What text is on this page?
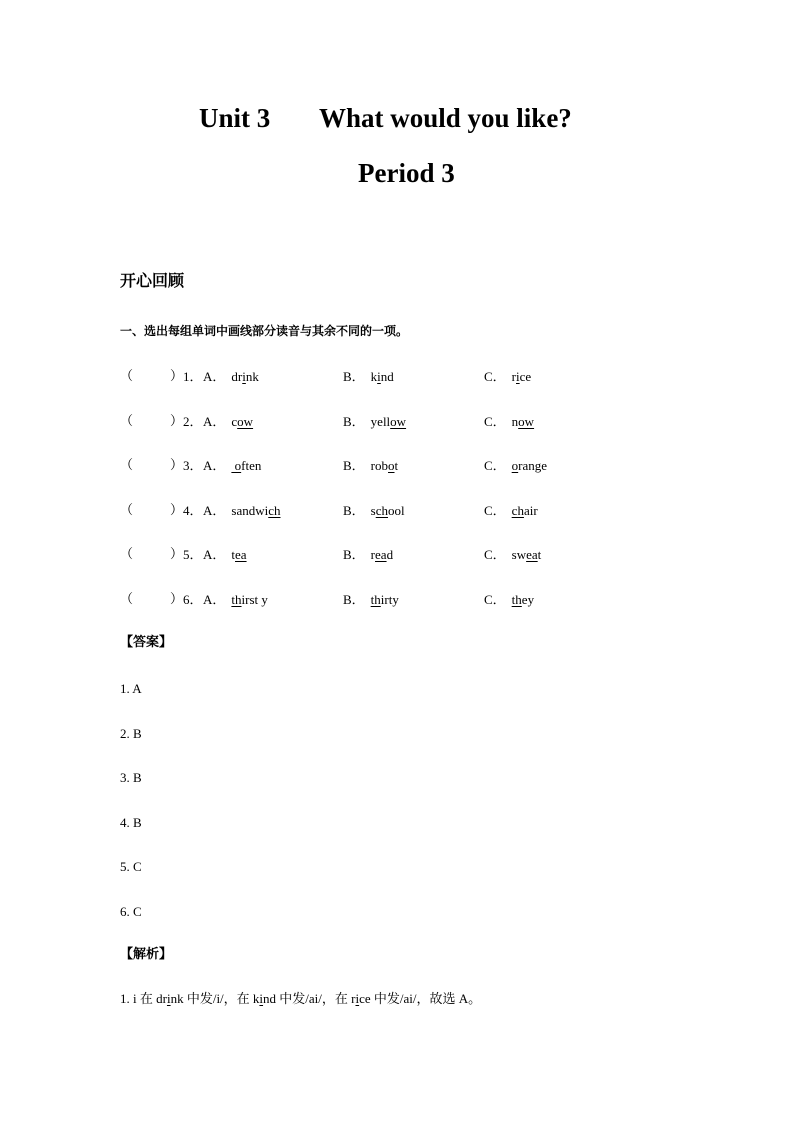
Unit 3 What would you like?
Period 3
开心回顾
一、选出每组单词中画线部分读音与其余不同的一项。
（	） 1． A． drink	B． kind	C． rice
（	） 2． A． cow	B． yellow	C． now
（	） 3． A． often	B． robot	C． orange
（	） 4． A． sandwich	B． school	C． chair
（	） 5． A． tea	B． read	C． sweat
（	） 6． A． thirst y	B． thirty	C． they
【答案】
1. A
2. B
3. B
4. B
5. C
6. C
【解析】
1. i 在 drink 中发/i/，在 kind 中发/ai/，在 rice 中发/ai/，故选 A。
